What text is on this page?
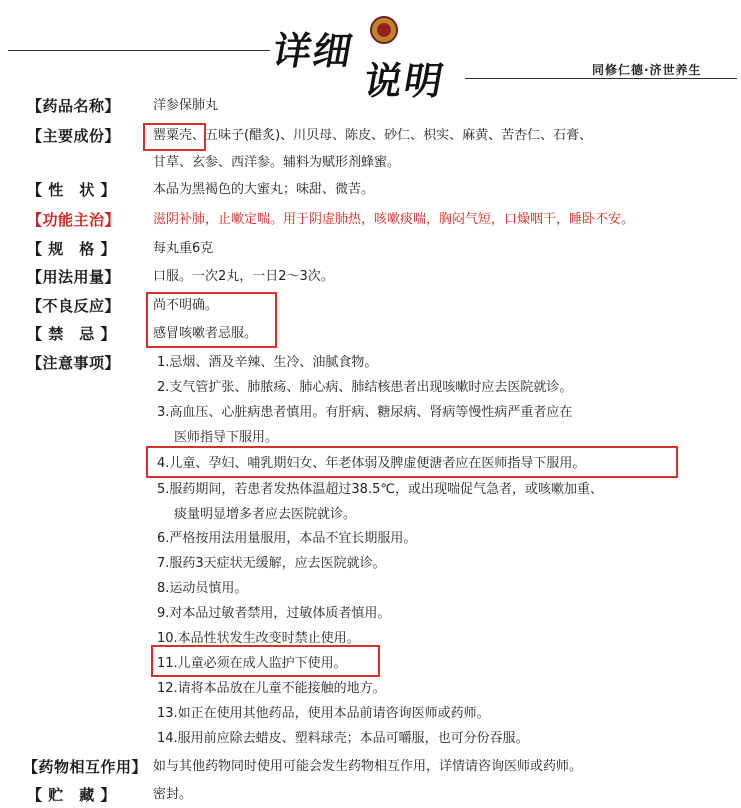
详细
说明	同修仁德·济世养生
【药品名称】	洋参保肺丸
【主要成份】	罂粟壳、五味子(醋炙)、川贝母、陈皮、砂仁、枳实、麻黄、苦杏仁、石膏、
甘草、玄参、西洋参。辅料为赋形剂蜂蜜。
【 性　状 】	本品为黑褐色的大蜜丸；味甜、微苦。
【功能主治】	滋阴补肺，止嗽定喘。用于阴虚肺热，咳嗽痰喘，胸闷气短，口燥咽干，睡卧不安。
【 规　格 】	每丸重6克
【用法用量】	口服。一次2丸，一日2～3次。
【不良反应】	尚不明确。
【 禁　忌 】	感冒咳嗽者忌服。
【注意事项】	1.忌烟、酒及辛辣、生冷、油腻食物。
2.支气管扩张、肺脓疡、肺心病、肺结核患者出现咳嗽时应去医院就诊。
3.高血压、心脏病患者慎用。有肝病、糖尿病、肾病等慢性病严重者应在
医师指导下服用。
4.儿童、孕妇、哺乳期妇女、年老体弱及脾虚便溏者应在医师指导下服用。
5.服药期间，若患者发热体温超过38.5℃，或出现喘促气急者，或咳嗽加重、
痰量明显增多者应去医院就诊。
6.严格按用法用量服用，本品不宜长期服用。
7.服药3天症状无缓解，应去医院就诊。
8.运动员慎用。
9.对本品过敏者禁用，过敏体质者慎用。
10.本品性状发生改变时禁止使用。
11.儿童必须在成人监护下使用。
12.请将本品放在儿童不能接触的地方。
13.如正在使用其他药品，使用本品前请咨询医师或药师。
14.服用前应除去蜡皮、塑料球壳；本品可嚼服，也可分份吞服。
【药物相互作用】 如与其他药物同时使用可能会发生药物相互作用，详情请咨询医师或药师。
【 贮　藏 】	密封。
